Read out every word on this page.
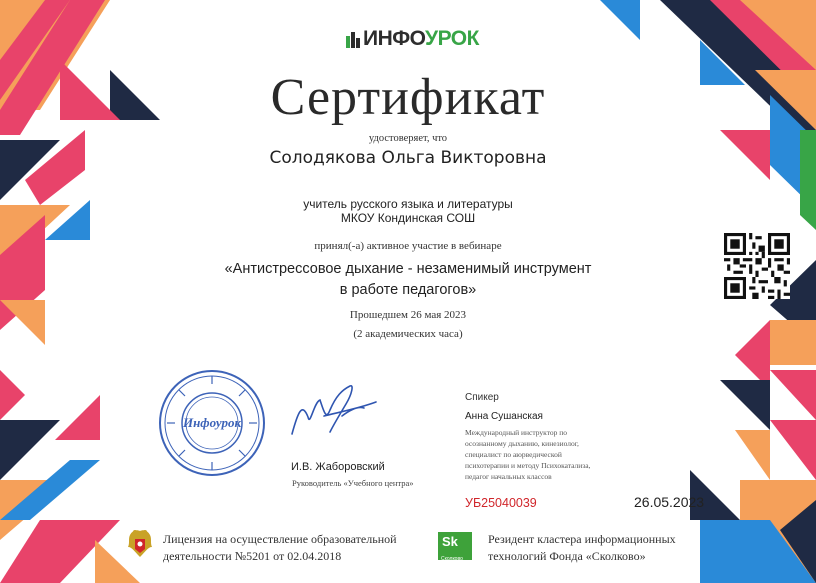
ИНФОУРОК
Сертификат
удостоверяет, что
Солодякова Ольга Викторовна
учитель русского языка и литературы
МКОУ Кондинская СОШ
принял(-а) активное участие в вебинаре
«Антистрессовое дыхание - незаменимый инструмент
в работе педагогов»
Прошедшем 26 мая 2023
(2 академических часа)
Инфоурок
И.В. Жаборовский
Руководитель «Учебного центра»
Спикер
Анна Сушанская
Международный инструктор по
осознанному дыханию, кинезиолог,
специалист по аюрведической
психотерапии и методу Психокатализа,
педагог начальных классов
УБ25040039	26.05.2023
Лицензия на осуществление образовательной
деятельности №5201 от 02.04.2018
Sk
Сколково
Резидент кластера информационных
технологий Фонда «Сколково»
